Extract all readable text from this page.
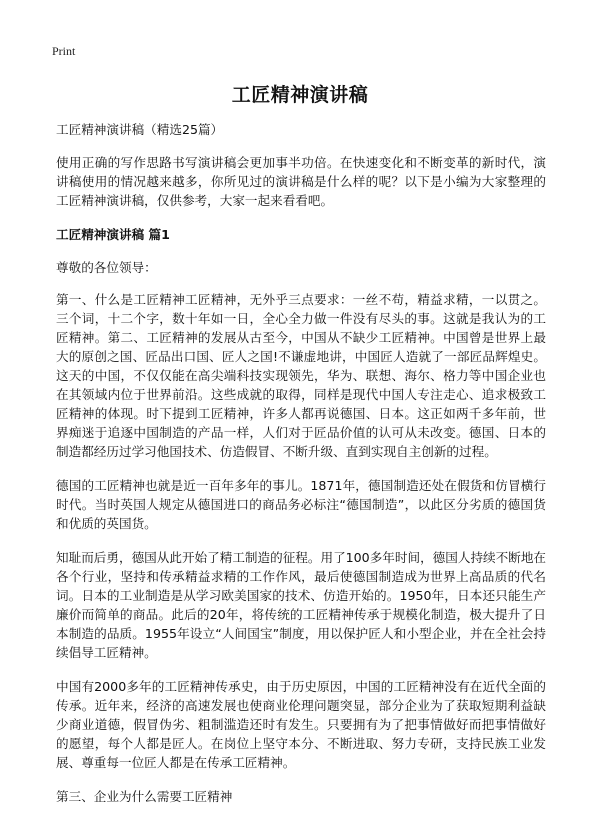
Print
工匠精神演讲稿

工匠精神演讲稿（精选25篇）

使用正确的写作思路书写演讲稿会更加事半功倍。在快速变化和不断变革的新时代，演讲稿使用的情况越来越多，你所见过的演讲稿是什么样的呢？以下是小编为大家整理的工匠精神演讲稿，仅供参考，大家一起来看看吧。

工匠精神演讲稿 篇1

尊敬的各位领导：

第一、什么是工匠精神工匠精神，无外乎三点要求：一丝不苟，精益求精，一以贯之。三个词，十二个字，数十年如一日，全心全力做一件没有尽头的事。这就是我认为的工匠精神。第二、工匠精神的发展从古至今，中国从不缺少工匠精神。中国曾是世界上最大的原创之国、匠品出口国、匠人之国!不谦虚地讲，中国匠人造就了一部匠品辉煌史。这天的中国，不仅仅能在高尖端科技实现领先，华为、联想、海尔、格力等中国企业也在其领域内位于世界前沿。这些成就的取得，同样是现代中国人专注走心、追求极致工匠精神的体现。时下提到工匠精神，许多人都再说德国、日本。这正如两千多年前，世界痴迷于追逐中国制造的产品一样，人们对于匠品价值的认可从未改变。德国、日本的制造都经历过学习他国技术、仿造假冒、不断升级、直到实现自主创新的过程。

德国的工匠精神也就是近一百年多年的事儿。1871年，德国制造还处在假货和仿冒横行时代。当时英国人规定从德国进口的商品务必标注“德国制造”，以此区分劣质的德国货和优质的英国货。

知耻而后勇，德国从此开始了精工制造的征程。用了100多年时间，德国人持续不断地在各个行业，坚持和传承精益求精的工作作风，最后使德国制造成为世界上高品质的代名词。日本的工业制造是从学习欧美国家的技术、仿造开始的。1950年，日本还只能生产廉价而简单的商品。此后的20年，将传统的工匠精神传承于规模化制造，极大提升了日本制造的品质。1955年设立“人间国宝”制度，用以保护匠人和小型企业，并在全社会持续倡导工匠精神。

中国有2000多年的工匠精神传承史，由于历史原因，中国的工匠精神没有在近代全面的传承。近年来，经济的高速发展也使商业伦理问题突显，部分企业为了获取短期利益缺少商业道德，假冒伪劣、粗制滥造还时有发生。只要拥有为了把事情做好而把事情做好的愿望，每个人都是匠人。在岗位上坚守本分、不断进取、努力专研，支持民族工业发展、尊重每一位匠人都是在传承工匠精神。

第三、企业为什么需要工匠精神
